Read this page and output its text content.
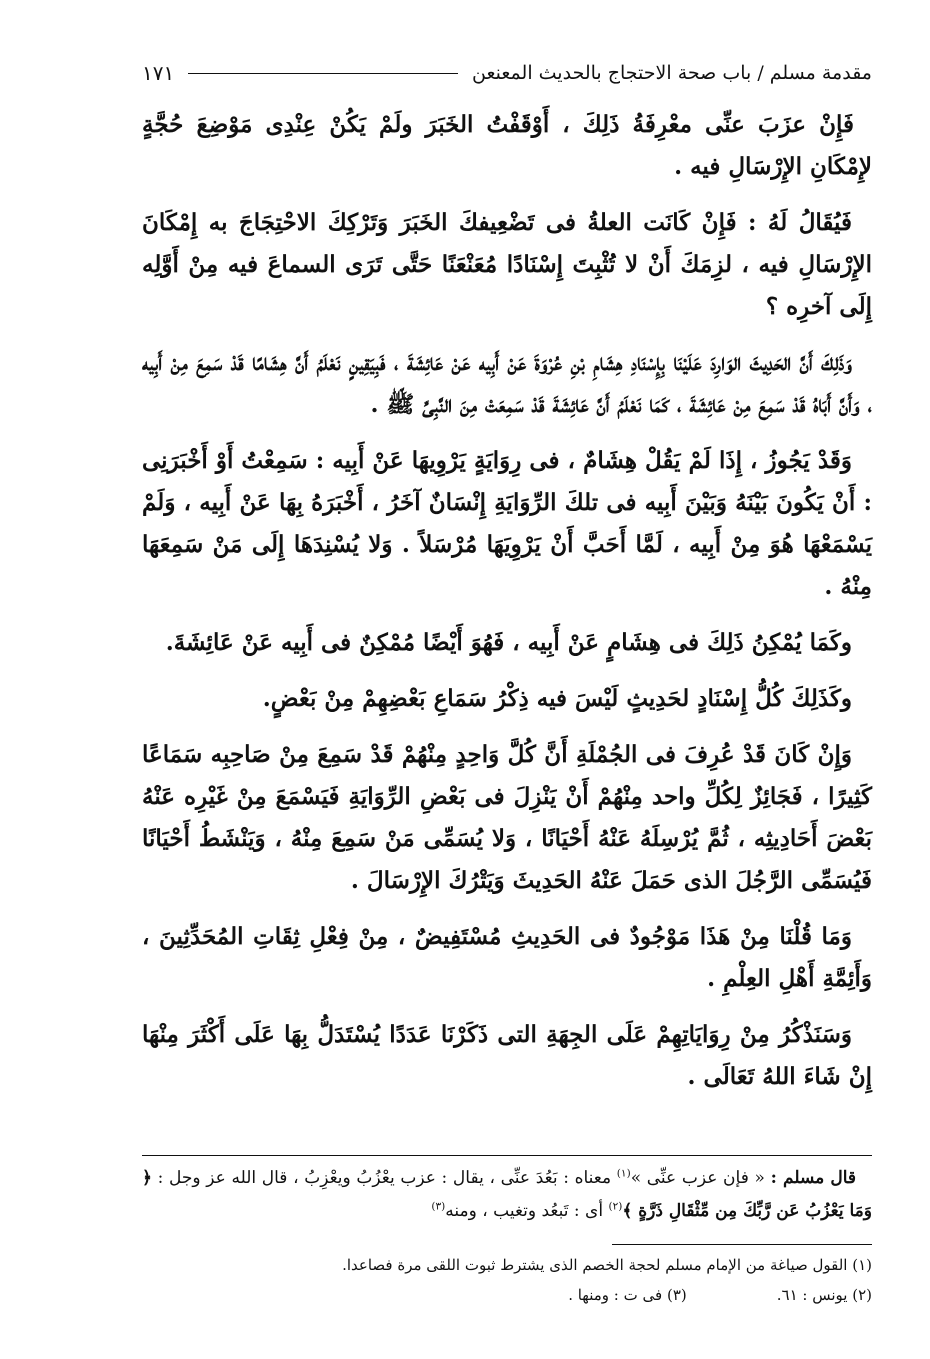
مقدمة مسلم / باب صحة الاحتجاج بالحديث المعنعن
١٧١

فَإِنْ عزَبَ عنِّى معْرِفَةُ ذَلِكَ ، أَوْقَفْتُ الخَبَرَ ولَمْ يَكُنْ عِنْدِى مَوْضِعَ حُجَّةٍ لإِمْكَانِ الإِرْسَالِ فيه .

فَيُقَالُ لَهُ : فَإِنْ كَانَت العلةُ فى تَضْعِيفكَ الخَبَرَ وَتَرْكِكَ الاحْتِجَاجَ به إِمْكَانَ الإِرْسَالِ فيه ، لزِمَكَ أَنْ لا تُثْبِتَ إِسْنَادًا مُعَنْعَنًا حَتَّى تَرَى السماعَ فيه مِنْ أَوَّلِه إِلَى آخرِه ؟

وَذَلِكَ أَنَّ الحَدِيثَ الوَارِدَ عَلَيْنَا بِإِسْنَادِ هِشَامِ بْنِ عُرْوَةَ عَنْ أَبِيه عَنْ عَائِشَةَ ، فَبِيَقِينٍ نَعْلَمُ أَنَّ هِشَامًا قَدْ سَمِعَ مِنْ أَبِيه ، وَأَنَّ أَبَاهُ قَدْ سَمِعَ مِنْ عَائِشَةَ ، كَمَا نَعْلَمُ أَنَّ عَائِشَةَ قَدْ سَمِعَتْ مِنَ النَّبِىِّ ﷺ .

وَقَدْ يَجُوزُ ، إِذَا لَمْ يَقُلْ هِشَامٌ ، فى رِوَايَةٍ يَرْوِيهَا عَنْ أَبِيه : سَمِعْتُ أَوْ أَخْبَرَنِى : أَنْ يَكُونَ بَيْنَهُ وَبَيْنَ أَبِيه فى تلكَ الرِّوَايَةِ إِنْسَانٌ آخَرُ ، أَخْبَرَهُ بِهَا عَنْ أَبِيه ، وَلَمْ يَسْمَعْهَا هُوَ مِنْ أَبِيه ، لَمَّا أَحَبَّ أَنْ يَرْوِيَهَا مُرْسَلاً . وَلا يُسْنِدَهَا إِلَى مَنْ سَمِعَهَا مِنْهُ .

وكَمَا يُمْكِنُ ذَلِكَ فى هِشَامٍ عَنْ أَبِيه ، فَهُوَ أَيْضًا مُمْكِنٌ فى أَبِيه عَنْ عَائِشَةَ.

وكَذَلِكَ كُلُّ إِسْنَادٍ لحَدِيثٍ لَيْسَ فيه ذِكْرُ سَمَاعِ بَعْضِهِمْ مِنْ بَعْضٍ.

وَإِنْ كَانَ قَدْ عُرِفَ فى الجُمْلَةِ أَنَّ كُلَّ وَاحِدٍ مِنْهُمْ قَدْ سَمِعَ مِنْ صَاحِبِه سَمَاعًا كَثِيرًا ، فَجَائِزٌ لِكُلِّ واحد مِنْهُمْ أَنْ يَنْزِلَ فى بَعْضِ الرِّوَايَةِ فَيَسْمَعَ مِنْ غَيْرِه عَنْهُ بَعْضَ أَحَادِيثِه ، ثُمَّ يُرْسِلَهُ عَنْهُ أَحْيَانًا ، وَلا يُسَمِّى مَنْ سَمِعَ مِنْهُ ، وَيَنْشَطُ أَحْيَانًا فَيُسَمِّى الرَّجُلَ الذى حَمَلَ عَنْهُ الحَدِيثَ وَيَتْرُكَ الإِرْسَالَ .

وَمَا قُلْنَا مِنْ هَذَا مَوْجُودٌ فى الحَدِيثِ مُسْتَفِيضٌ ، مِنْ فِعْلِ ثِقَاتِ المُحَدِّثِينَ ، وَأَئِمَّةِ أَهْلِ العِلْمِ .

وَسَنَذْكُرُ مِنْ رِوَايَاتِهِمْ عَلَى الجِهَةِ التى ذَكَرْنَا عَدَدًا يُسْتَدَلُّ بِهَا عَلَى أَكْثَرَ مِنْهَا إِنْ شَاءَ اللهُ تَعَالَى .

قال مسلم : « فإن عزب عنِّى »$^{(١)}$ معناه : بَعُدَ عنِّى ، يقال : عزب يعْزُبُ ويعْزِبُ ، قال الله عز وجل : ﴿ وَمَا يَعْزُبُ عَن رَّبِّكَ مِن مِّثْقَالِ ذَرَّةٍ ﴾$^{(٢)}$ أى : تَبعُد وتغيب ، ومنه$^{(٣)}$

(١) القول صياغة من الإمام مسلم لحجة الخصم الذى يشترط ثبوت اللقى مرة فصاعدا.

(٢) يونس : ٦١.
(٣) فى ت : ومنها .
